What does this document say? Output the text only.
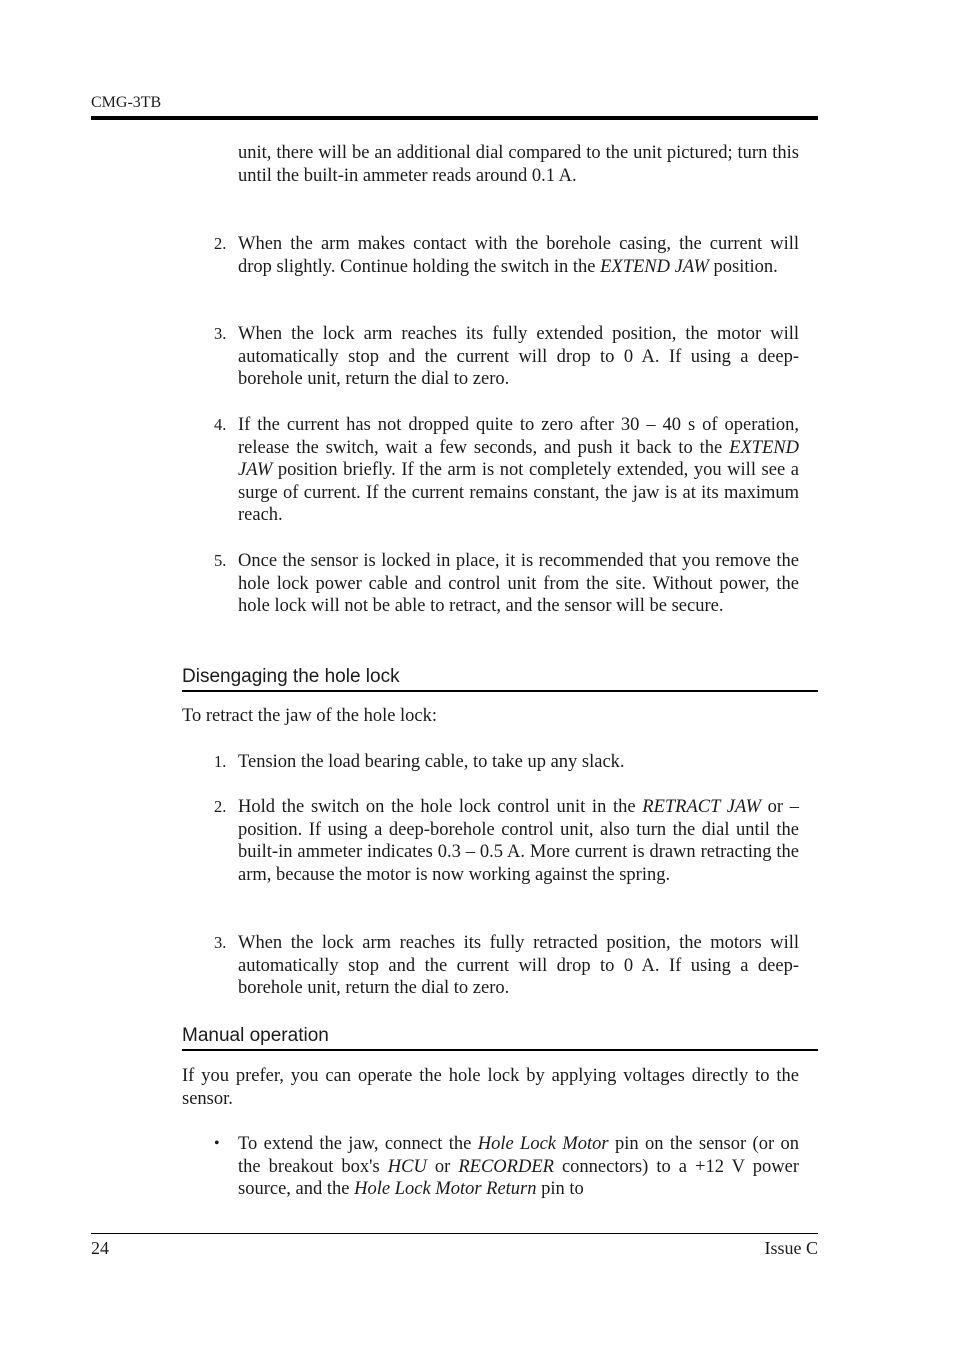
CMG-3TB
unit, there will be an additional dial compared to the unit pictured; turn this until the built-in ammeter reads around 0.1 A.
2. When the arm makes contact with the borehole casing, the current will drop slightly. Continue holding the switch in the EXTEND JAW position.
3. When the lock arm reaches its fully extended position, the motor will automatically stop and the current will drop to 0 A. If using a deep-borehole unit, return the dial to zero.
4. If the current has not dropped quite to zero after 30 – 40 s of operation, release the switch, wait a few seconds, and push it back to the EXTEND JAW position briefly. If the arm is not completely extended, you will see a surge of current. If the current remains constant, the jaw is at its maximum reach.
5. Once the sensor is locked in place, it is recommended that you remove the hole lock power cable and control unit from the site. Without power, the hole lock will not be able to retract, and the sensor will be secure.
Disengaging the hole lock
To retract the jaw of the hole lock:
1. Tension the load bearing cable, to take up any slack.
2. Hold the switch on the hole lock control unit in the RETRACT JAW or – position. If using a deep-borehole control unit, also turn the dial until the built-in ammeter indicates 0.3 – 0.5 A. More current is drawn retracting the arm, because the motor is now working against the spring.
3. When the lock arm reaches its fully retracted position, the motors will automatically stop and the current will drop to 0 A. If using a deep-borehole unit, return the dial to zero.
Manual operation
If you prefer, you can operate the hole lock by applying voltages directly to the sensor.
• To extend the jaw, connect the Hole Lock Motor pin on the sensor (or on the breakout box's HCU or RECORDER connectors) to a +12 V power source, and the Hole Lock Motor Return pin to
24	Issue C
